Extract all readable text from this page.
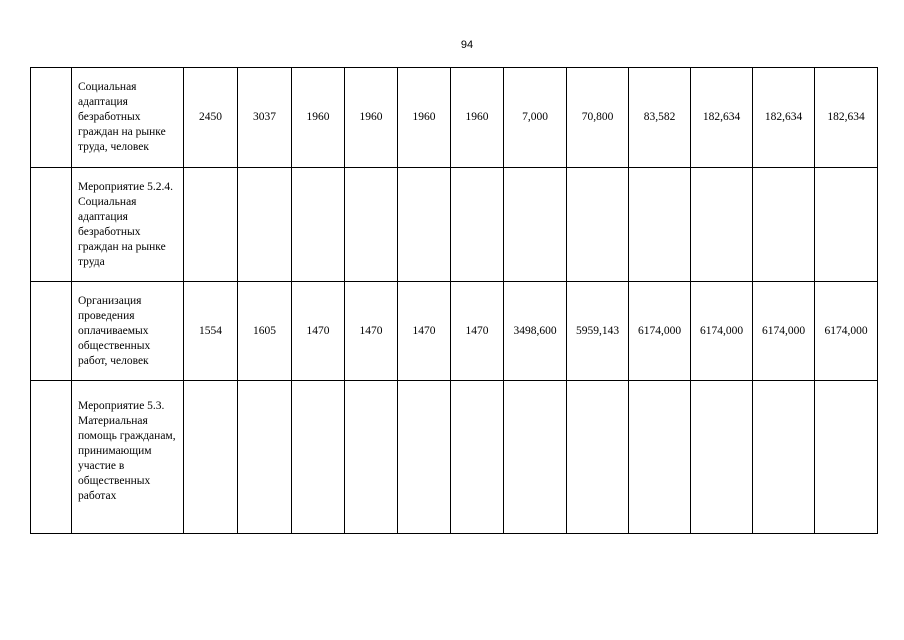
94
	Социальная адаптация безработных граждан на рынке труда, человек	2450	3037	1960	1960	1960	1960	7,000	70,800	83,582	182,634	182,634	182,634
	Мероприятие 5.2.4. Социальная адаптация безработных граждан на рынке труда												
	Организация проведения оплачиваемых общественных работ, человек	1554	1605	1470	1470	1470	1470	3498,600	5959,143	6174,000	6174,000	6174,000	6174,000
	Мероприятие 5.3. Материальная помощь гражданам, принимающим участие в общественных работах												
